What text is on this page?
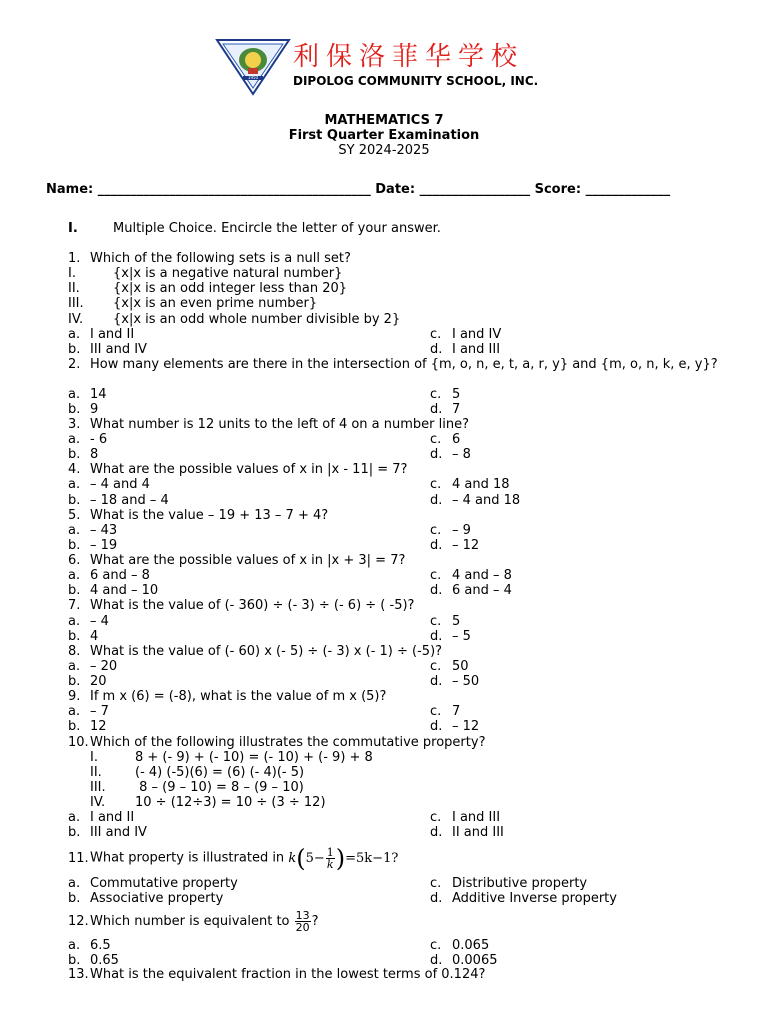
1950
利保洛菲华学校
DIPOLOG COMMUNITY SCHOOL, INC.
MATHEMATICS 7
First Quarter Examination
SY 2024-2025
Name: __________________________________________ Date: _________________ Score: _____________
I.	Multiple Choice. Encircle the letter of your answer.
1. Which of the following sets is a null set?
I.	{x|x is a negative natural number}
II.	{x|x is an odd integer less than 20}
III. {x|x is an even prime number}
IV. {x|x is an odd whole number divisible by 2}
a. I and II	c. I and IV
b. III and IV	d. I and III
2. How many elements are there in the intersection of {m, o, n, e, t, a, r, y} and {m, o, n, k, e, y}?
a. 14	c. 5
b. 9	d. 7
3. What number is 12 units to the left of 4 on a number line?
a. - 6	c. 6
b. 8	d. – 8
4. What are the possible values of x in |x - 11| = 7?
a. – 4 and 4	c. 4 and 18
b. – 18 and – 4	d. – 4 and 18
5. What is the value – 19 + 13 – 7 + 4?
a. – 43	c. – 9
b. – 19	d. – 12
6. What are the possible values of x in |x + 3| = 7?
a. 6 and – 8	c. 4 and – 8
b. 4 and – 10	d. 6 and – 4
7. What is the value of (- 360) ÷ (- 3) ÷ (- 6) ÷ ( -5)?
a. – 4	c. 5
b. 4	d. – 5
8. What is the value of (- 60) x (- 5) ÷ (- 3) x (- 1) ÷ (-5)?
a. – 20	c. 50
b. 20	d. – 50
9. If m x (6) = (-8), what is the value of m x (5)?
a. – 7	c. 7
b. 12	d. – 12
10.Which of the following illustrates the commutative property?
I.	8 + (- 9) + (- 10) = (- 10) + (- 9) + 8
II.	(- 4) (-5)(6) = (6) (- 4)(- 5)
III. 8 – (9 – 10) = 8 – (9 – 10)
IV. 10 ÷ (12÷3) = 10 ÷ (3 ÷ 12)
a. I and II	c. I and III
b. III and IV	d. II and III
11.What property is illustrated in $k(5- \frac{1}{k} )=5k-1$?
a. Commutative property	c. Distributive property
b. Associative property	d. Additive Inverse property
12.Which number is equivalent to $\frac{13}{20}$ ?
a. 6.5	c. 0.065
b. 0.65	d. 0.0065
13.What is the equivalent fraction in the lowest terms of 0.124?
